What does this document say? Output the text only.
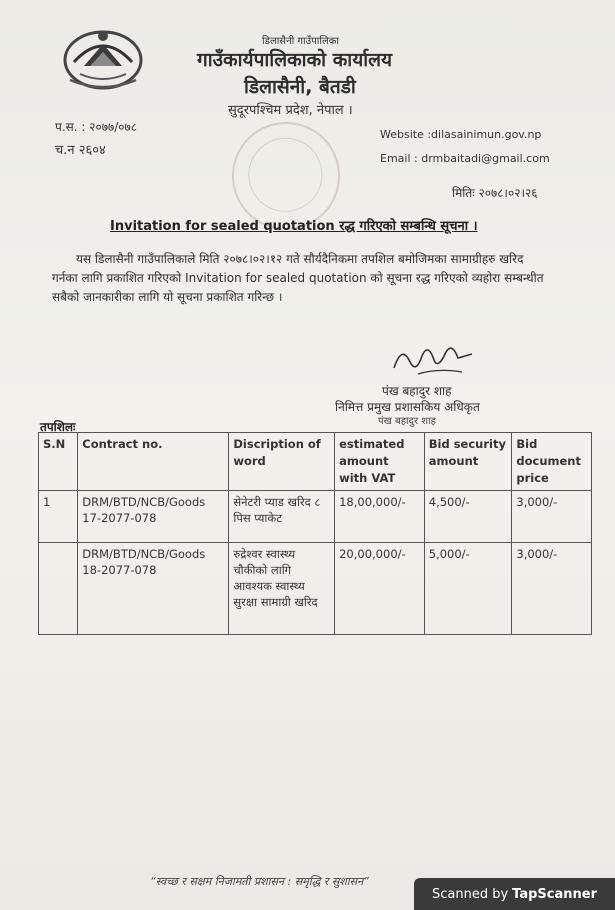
डिलासैनी गाउँपालिका
गाउँकार्यपालिकाको कार्यालय
डिलासैनी, बैतडी
सुदूरपश्चिम प्रदेश, नेपाल ।
प.स. : २०७७/०७८
च.न २६०४
Website :dilasainimun.gov.np
Email : drmbaitadi@gmail.com
मितिः २०७८।०२।२६
Invitation for sealed quotation रद्ध गरिएको सम्बन्धि सूचना ।
यस डिलासैनी गाउँपालिकाले मिति २०७८।०२।१२ गते सौर्यदैनिकमा तपशिल बमोजिमका सामाग्रीहरु खरिद गर्नका लागि प्रकाशित गरिएको Invitation for sealed quotation को सूचना रद्ध गरिएको व्यहोरा सम्बन्धीत सबैको जानकारीका लागि यो सूचना प्रकाशित गरिन्छ ।
पंख बहादुर शाह
निमित्त प्रमुख प्रशासकिय अधिकृत
पंख बहादुर शाह
तपशिलः
S.N	Contract no.	Discription of word	estimated amount with VAT	Bid security amount	Bid document price
1	DRM/BTD/NCB/Goods 17-2077-078	सेनेटरी प्याड खरिद ८ पिस प्याकेट	18,00,000/-	4,500/-	3,000/-
	DRM/BTD/NCB/Goods 18-2077-078	रुद्रेश्वर स्वास्थ्य चौकीको लागि आवश्यक स्वास्थ्य सुरक्षा सामाग्री खरिद	20,00,000/-	5,000/-	3,000/-
“स्वच्छ र सक्षम निजामती प्रशासन : समृद्धि र सुशासन”
Scanned by TapScanner
